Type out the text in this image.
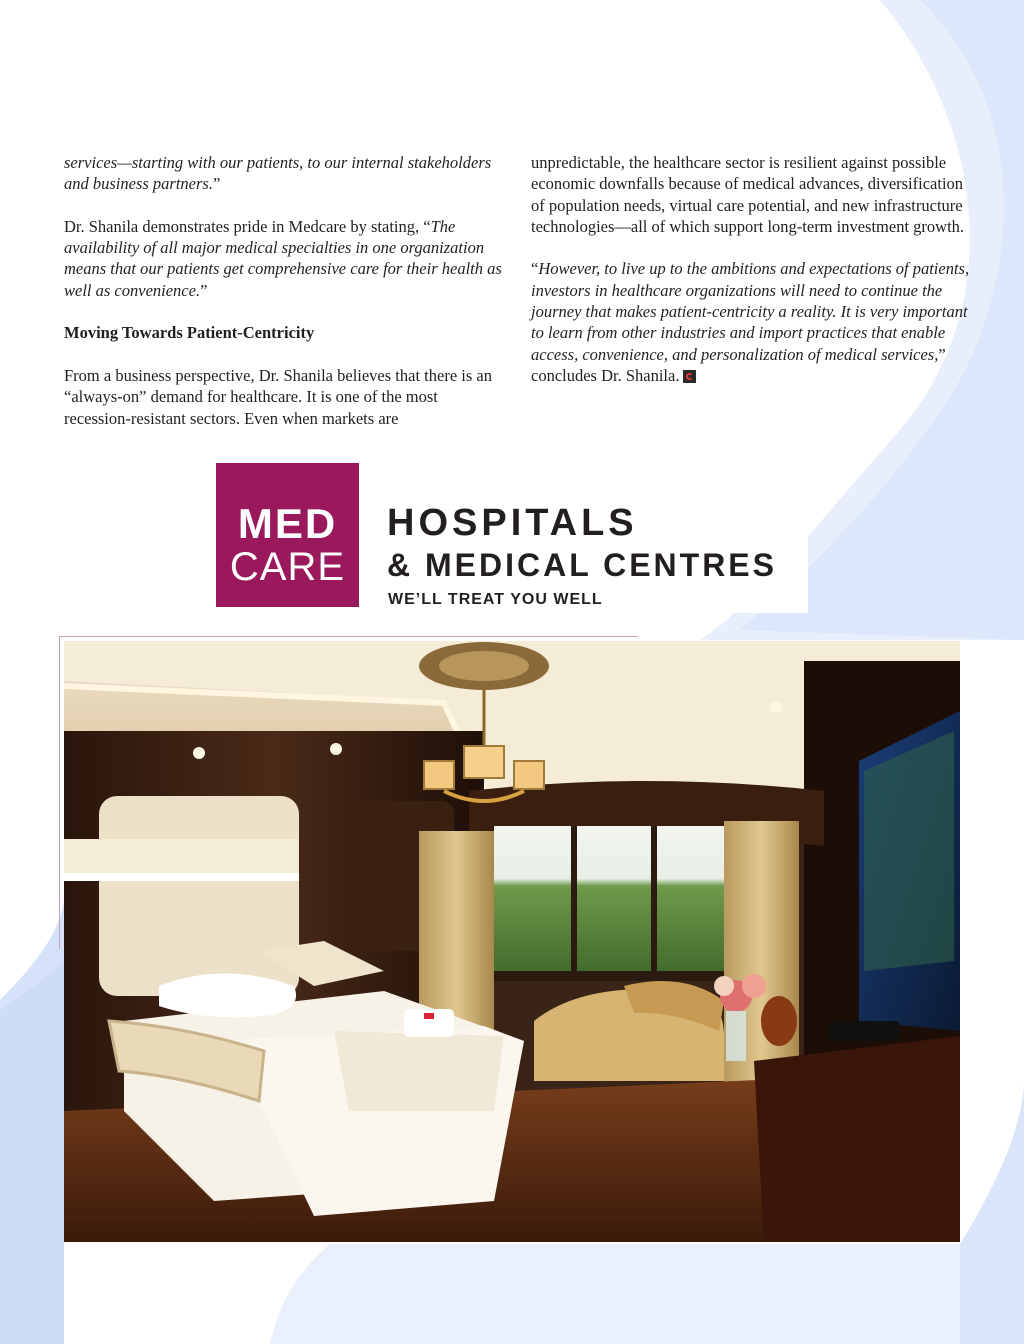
services—starting with our patients, to our internal stakeholders and business partners.”

Dr. Shanila demonstrates pride in Medcare by stating, “The availability of all major medical specialties in one organization means that our patients get comprehensive care for their health as well as convenience.”

Moving Towards Patient-Centricity

From a business perspective, Dr. Shanila believes that there is an “always-on” demand for healthcare. It is one of the most recession-resistant sectors. Even when markets are

unpredictable, the healthcare sector is resilient against possible economic downfalls because of medical advances, diversification of population needs, virtual care potential, and new infrastructure technologies—all of which support long-term investment growth.

“However, to live up to the ambitions and expectations of patients, investors in healthcare organizations will need to continue the journey that makes patient-centricity a reality. It is very important to learn from other industries and import practices that enable access, convenience, and personalization of medical services,” concludes Dr. Shanila.

MED
CARE
HOSPITALS
& MEDICAL CENTRES
WE’LL TREAT YOU WELL
